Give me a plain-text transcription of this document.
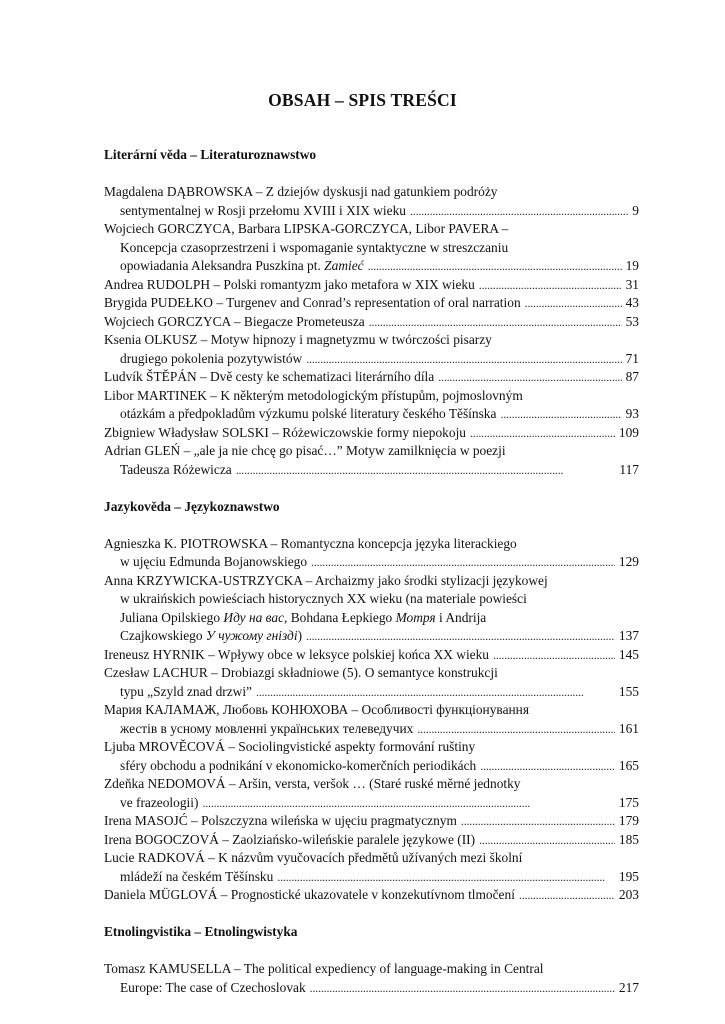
OBSAH – SPIS TREŚCI
Literární věda – Literaturoznawstwo
Magdalena DĄBROWSKA – Z dziejów dyskusji nad gatunkiem podróży
sentymentalnej w Rosji przełomu XVIII i XIX wieku . . .	9
Wojciech GORCZYCA, Barbara LIPSKA-GORCZYCA, Libor PAVERA –
Koncepcja czasoprzestrzeni i wspomaganie syntaktyczne w streszczaniu
opowiadania Aleksandra Puszkina pt. Zamieć . . .	19
Andrea RUDOLPH – Polski romantyzm jako metafora w XIX wieku . . .	31
Brygida PUDEŁKO – Turgenev and Conrad’s representation of oral narration . . .	43
Wojciech GORCZYCA – Biegacze Prometeusza . . .	53
Ksenia OLKUSZ – Motyw hipnozy i magnetyzmu w twórczości pisarzy
drugiego pokolenia pozytywistów . . .	71
Ludvík ŠTĚPÁN – Dvě cesty ke schematizaci literárního díla . . .	87
Libor MARTINEK – K některým metodologickým přístupům, pojmoslovným
otázkám a předpokladům výzkumu polské literatury českého Těšínska . . .	93
Zbigniew Władysław SOLSKI – Różewiczowskie formy niepokoju . . .	109
Adrian GLEŃ – „ale ja nie chcę go pisać…” Motyw zamilknięcia w poezji
Tadeusza Różewicza . . .	117
Jazykověda – Językoznawstwo
Agnieszka K. PIOTROWSKA – Romantyczna koncepcja języka literackiego
w ujęciu Edmunda Bojanowskiego . . .	129
Anna KRZYWICKA-USTRZYCKA – Archaizmy jako środki stylizacji językowej
w ukraińskich powieściach historycznych XX wieku (na materiale powieści
Juliana Opilskiego Иду на вас, Bohdana Łepkiego Мотря i Andrija
Czajkowskiego У чужому гнізді) . . .	137
Ireneusz HYRNIK – Wpływy obce w leksyce polskiej końca XX wieku . . .	145
Czesław LACHUR – Drobiazgi składniowe (5). O semantyce konstrukcji
typu „Szyld znad drzwi” . . .	155
Мария КАЛАМАЖ, Любовь КОНЮХОВА – Особливості функціонування
жестів в усному мовленні українських телеведучих . . .	161
Ljuba MROVĚCOVÁ – Sociolingvistické aspekty formování ruštiny
sféry obchodu a podnikání v ekonomicko-komerčních periodikách . . .	165
Zdeňka NEDOMOVÁ – Aršin, versta, veršok … (Staré ruské měrné jednotky
ve frazeologii) . . .	175
Irena MASOJĆ – Polszczyzna wileńska w ujęciu pragmatycznym . . .	179
Irena BOGOCZOVÁ – Zaolziańsko-wileńskie paralele językowe (II) . . .	185
Lucie RADKOVÁ – K názvům vyučovacích předmětů užívaných mezi školní
mládeží na českém Těšínsku . . .	195
Daniela MÜGLOVÁ – Prognostické ukazovatele v konzekutívnom tlmočení . . .	203
Etnolingvistika – Etnolingwistyka
Tomasz KAMUSELLA – The political expediency of language-making in Central
Europe: The case of Czechoslovak . . .	217
